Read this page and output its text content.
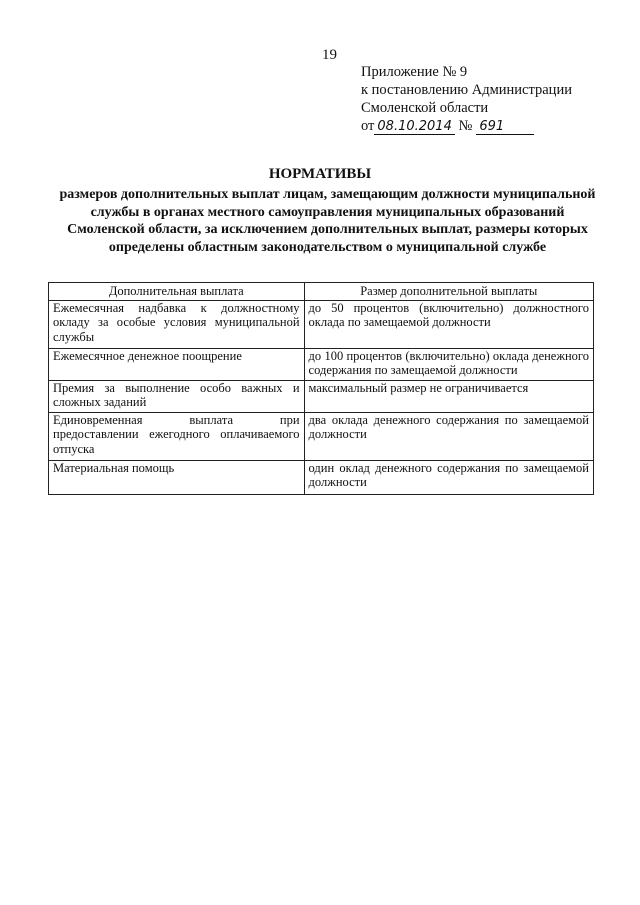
19
Приложение № 9
к постановлению Администрации
Смоленской области
от 08.10.2014 № 691
НОРМАТИВЫ
размеров дополнительных выплат лицам, замещающим должности муниципальной службы в органах местного самоуправления муниципальных образований Смоленской области, за исключением дополнительных выплат, размеры которых определены областным законодательством о муниципальной службе
Дополнительная выплата	Размер дополнительной выплаты
Ежемесячная надбавка к должностному окладу за особые условия муниципальной службы	до 50 процентов (включительно) должностного оклада по замещаемой должности
Ежемесячное денежное поощрение	до 100 процентов (включительно) оклада денежного содержания по замещаемой должности
Премия за выполнение особо важных и сложных заданий	максимальный размер не ограничивается
Единовременная выплата при предоставлении ежегодного оплачиваемого отпуска	два оклада денежного содержания по замещаемой должности
Материальная помощь	один оклад денежного содержания по замещаемой должности
